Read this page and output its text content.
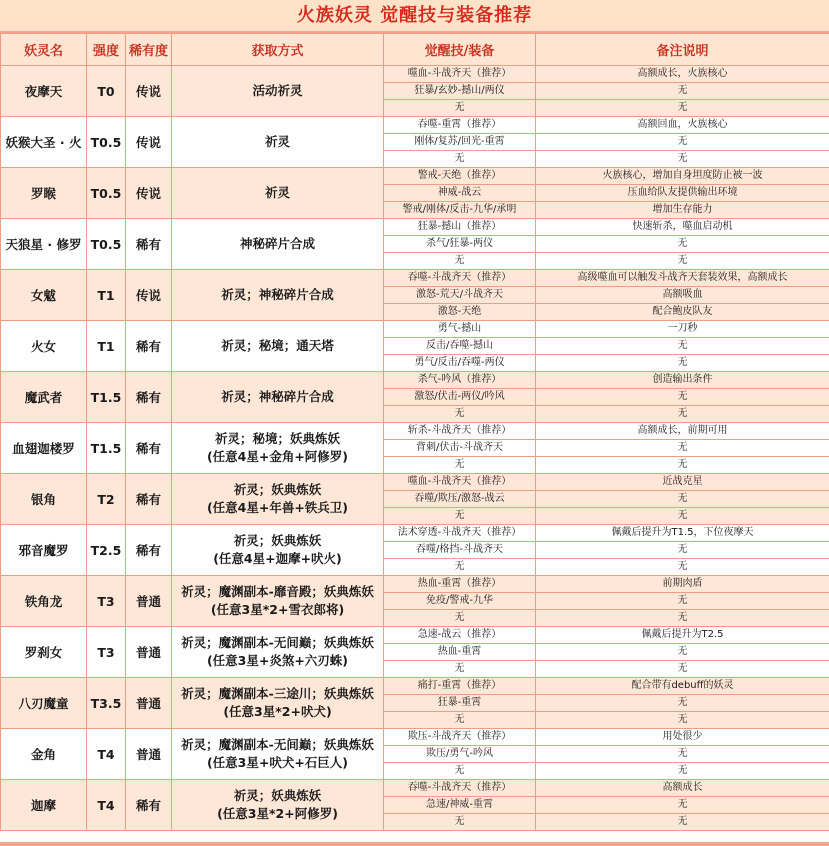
火族妖灵 觉醒技与装备推荐
妖灵名	强度	稀有度	获取方式	觉醒技/装备	备注说明
夜摩天	T0	传说	活动祈灵	噬血-斗战齐天（推荐）	高额成长，火族核心
				狂暴/玄妙-撼山/两仪	无
				无	无
妖猴大圣 · 火	T0.5	传说	祈灵	吞噬-重霄（推荐）	高额回血，火族核心
				刚体/复苏/回光-重霄	无
				无	无
罗睺	T0.5	传说	祈灵	警戒-天绝（推荐）	火族核心，增加自身坦度防止被一波
				神威-战云	压血给队友提供输出环境
				警戒/刚体/反击-九华/承明	增加生存能力
天狼星 · 修罗	T0.5	稀有	神秘碎片合成	狂暴-撼山（推荐）	快速斩杀，噬血启动机
				杀气/狂暴-两仪	无
				无	无
女魃	T1	传说	祈灵；神秘碎片合成	吞噬-斗战齐天（推荐）	高级噬血可以触发斗战齐天套装效果，高额成长
				激怒-荒天/斗战齐天	高额吸血
				激怒-天绝	配合鲍皮队友
火女	T1	稀有	祈灵；秘境；通天塔	勇气-撼山	一刀秒
				反击/吞噬-撼山	无
				勇气/反击/吞噬-两仪	无
魔武者	T1.5	稀有	祈灵；神秘碎片合成	杀气-吟风（推荐）	创造输出条件
				激怒/伏击-两仪/吟风	无
				无	无
血翅迦楼罗	T1.5	稀有	祈灵；秘境；妖典炼妖
(任意4星+金角+阿修罗)	斩杀-斗战齐天（推荐）	高额成长，前期可用
				背刺/伏击-斗战齐天	无
				无	无
银角	T2	稀有	祈灵；妖典炼妖
(任意4星+年兽+铁兵卫)	噬血-斗战齐天（推荐）	近战克星
				吞噬/欺压/激怒-战云	无
				无	无
邪音魔罗	T2.5	稀有	祈灵；妖典炼妖
(任意4星+迦摩+吠火)	法术穿透-斗战齐天（推荐）	佩戴后提升为T1.5，下位夜摩天
				吞噬/格挡-斗战齐天	无
				无	无
铁角龙	T3	普通	祈灵；魔渊副本-靡音殿；妖典炼妖
(任意3星*2+雪衣郎将)	热血-重霄（推荐）	前期肉盾
				免疫/警戒-九华	无
				无	无
罗刹女	T3	普通	祈灵；魔渊副本-无间巅；妖典炼妖
(任意3星+炎煞+六刃蛛)	急速-战云（推荐）	佩戴后提升为T2.5
				热血-重霄	无
				无	无
八刃魔童	T3.5	普通	祈灵；魔渊副本-三途川；妖典炼妖
(任意3星*2+吠犬)	痛打-重霄（推荐）	配合带有debuff的妖灵
				狂暴-重霄	无
				无	无
金角	T4	普通	祈灵；魔渊副本-无间巅；妖典炼妖
(任意3星+吠犬+石巨人)	欺压-斗战齐天（推荐）	用处很少
				欺压/勇气-吟风	无
				无	无
迦摩	T4	稀有	祈灵；妖典炼妖
(任意3星*2+阿修罗)	吞噬-斗战齐天（推荐）	高额成长
				急速/神威-重霄	无
				无	无
